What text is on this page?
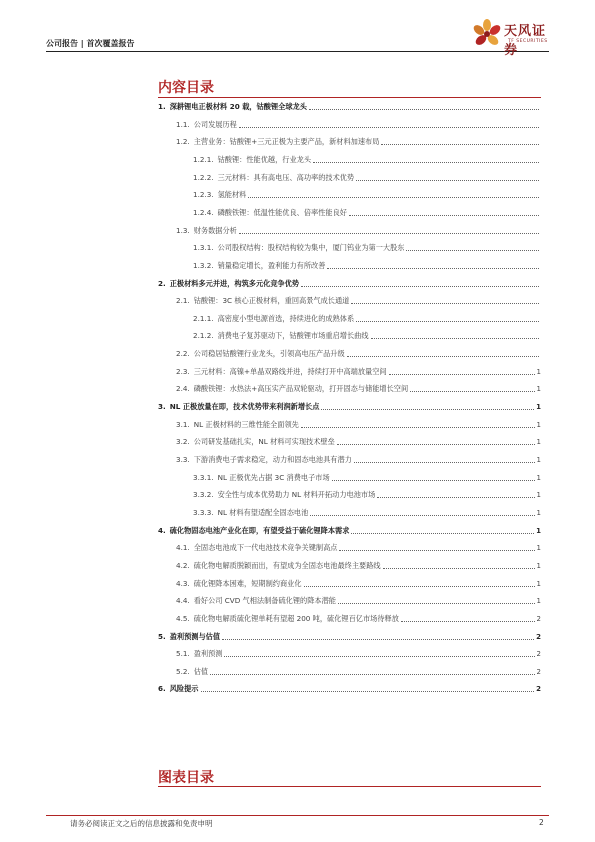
公司报告 | 首次覆盖报告
天风证券
TF SECURITIES
内容目录
1. 深耕锂电正极材料 20 载，钴酸锂全球龙头
1.1. 公司发展历程
1.2. 主营业务：钴酸锂+三元正极为主要产品，新材料加速布局
1.2.1. 钴酸锂：性能优越，行业龙头
1.2.2. 三元材料：具有高电压、高功率的技术优势
1.2.3. 氢能材料
1.2.4. 磷酸铁锂：低温性能优良、倍率性能良好
1.3. 财务数据分析
1.3.1. 公司股权结构：股权结构较为集中，厦门钨业为第一大股东
1.3.2. 销量稳定增长，盈利能力有所改善
2. 正极材料多元并进，构筑多元化竞争优势
2.1. 钴酸锂：3C 核心正极材料，重回高景气成长通道
2.1.1. 高密度小型电源首选，持续进化的成熟体系
2.1.2. 消费电子复苏驱动下，钴酸锂市场重启增长曲线
2.2. 公司稳居钴酸锂行业龙头，引领高电压产品升级
2.3. 三元材料：高镍+单晶双路线并进，持续打开中高端放量空间	1
2.4. 磷酸铁锂：水热法+高压实产品双轮驱动，打开固态与储能增长空间	1
3. NL 正极放量在即，技术优势带来利润新增长点	1
3.1. NL 正极材料的三维性能全面领先	1
3.2. 公司研发基础扎实，NL 材料可实现技术壁垒	1
3.3. 下游消费电子需求稳定，动力和固态电池具有潜力	1
3.3.1. NL 正极优先占据 3C 消费电子市场	1
3.3.2. 安全性与成本优势助力 NL 材料开拓动力电池市场	1
3.3.3. NL 材料有望适配全固态电池	1
4. 硫化物固态电池产业化在即，有望受益于硫化锂降本需求	1
4.1. 全固态电池成下一代电池技术竞争关键制高点	1
4.2. 硫化物电解质脱颖而出，有望成为全固态电池最终主要路线	1
4.3. 硫化锂降本困难，短期制约商业化	1
4.4. 看好公司 CVD 气相法制备硫化锂的降本潜能	1
4.5. 硫化物电解质硫化锂单耗有望超 200 吨，硫化锂百亿市场待释放	2
5. 盈利预测与估值	2
5.1. 盈利预测	2
5.2. 估值	2
6. 风险提示	2
图表目录
请务必阅读正文之后的信息披露和免责申明	2
